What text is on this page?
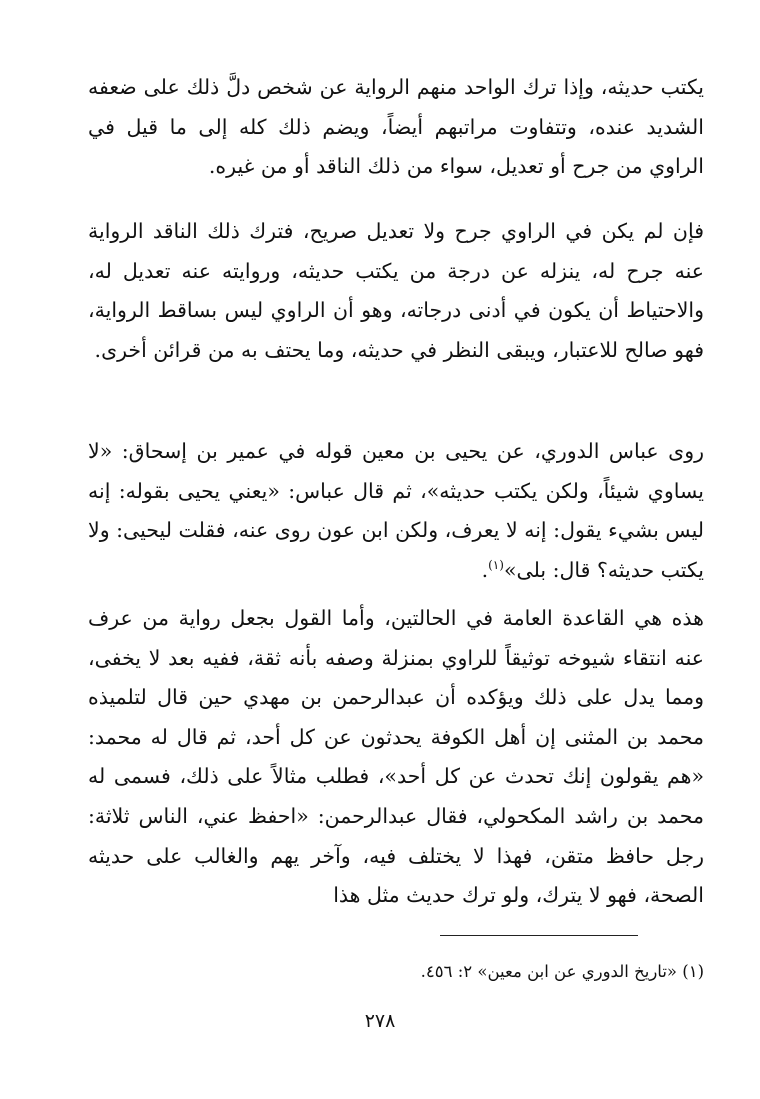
يكتب حديثه، وإذا ترك الواحد منهم الرواية عن شخص دلَّ ذلك على ضعفه الشديد عنده، وتتفاوت مراتبهم أيضاً، ويضم ذلك كله إلى ما قيل في الراوي من جرح أو تعديل، سواء من ذلك الناقد أو من غيره.

فإن لم يكن في الراوي جرح ولا تعديل صريح، فترك ذلك الناقد الرواية عنه جرح له، ينزله عن درجة من يكتب حديثه، وروايته عنه تعديل له، والاحتياط أن يكون في أدنى درجاته، وهو أن الراوي ليس بساقط الرواية، فهو صالح للاعتبار، ويبقى النظر في حديثه، وما يحتف به من قرائن أخرى.

روى عباس الدوري، عن يحيى بن معين قوله في عمير بن إسحاق: «لا يساوي شيئاً، ولكن يكتب حديثه»، ثم قال عباس: «يعني يحيى بقوله: إنه ليس بشيء يقول: إنه لا يعرف، ولكن ابن عون روى عنه، فقلت ليحيى: ولا يكتب حديثه؟ قال: بلى»$^{(١)}$.

هذه هي القاعدة العامة في الحالتين، وأما القول بجعل رواية من عرف عنه انتقاء شيوخه توثيقاً للراوي بمنزلة وصفه بأنه ثقة، ففيه بعد لا يخفى، ومما يدل على ذلك ويؤكده أن عبدالرحمن بن مهدي حين قال لتلميذه محمد بن المثنى إن أهل الكوفة يحدثون عن كل أحد، ثم قال له محمد: «هم يقولون إنك تحدث عن كل أحد»، فطلب مثالاً على ذلك، فسمى له محمد بن راشد المكحولي، فقال عبدالرحمن: «احفظ عني، الناس ثلاثة: رجل حافظ متقن، فهذا لا يختلف فيه، وآخر يهم والغالب على حديثه الصحة، فهو لا يترك، ولو ترك حديث مثل هذا

(١) «تاريخ الدوري عن ابن معين» ٢: ٤٥٦.
٢٧٨
